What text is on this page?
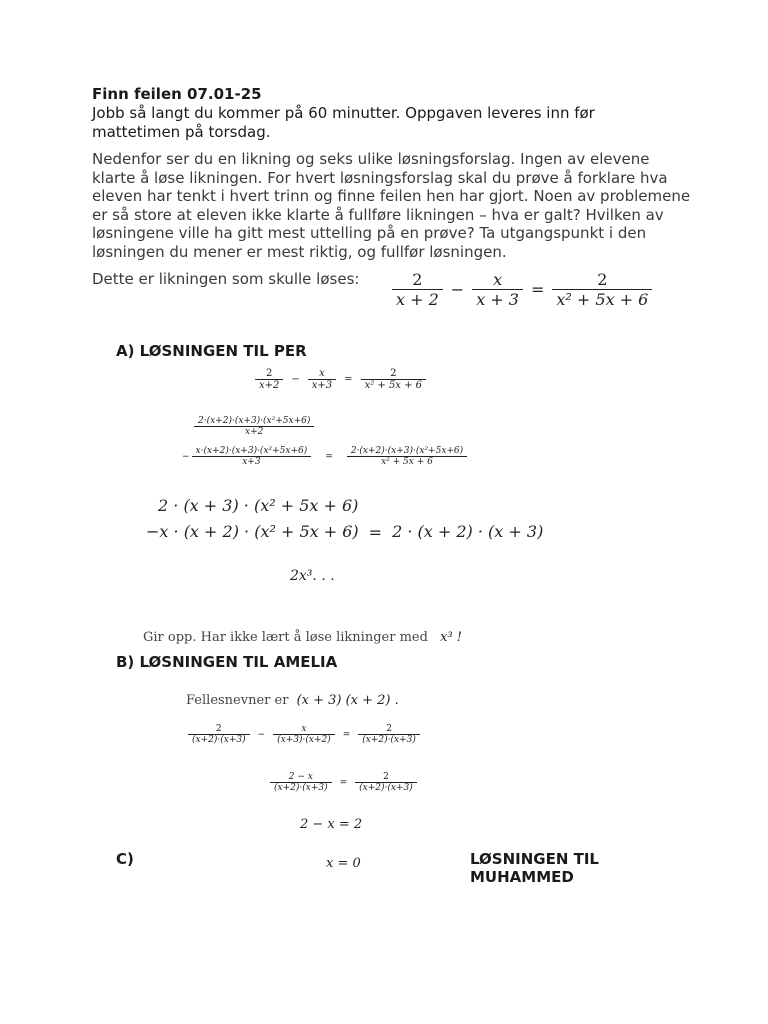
Finn feilen 07.01-25
Jobb så langt du kommer på 60 minutter. Oppgaven leveres inn før mattetimen på torsdag.
Nedenfor ser du en likning og seks ulike løsningsforslag. Ingen av elevene klarte å løse likningen. For hvert løsningsforslag skal du prøve å forklare hva eleven har tenkt i hvert trinn og finne feilen hen har gjort. Noen av problemene er så store at eleven ikke klarte å fullføre likningen – hva er galt? Hvilken av løsningene ville ha gitt mest uttelling på en prøve? Ta utgangspunkt i den løsningen du mener er mest riktig, og fullfør løsningen.
Dette er likningen som skulle løses: $\frac{2}{x + 2} - \frac{x}{x + 3} = \frac{2}{\text{x² + 5x + 6}}$
A) LØSNINGEN TIL PER
$\frac{2}{x+2} - \frac{x}{x+3} = \frac{2}{\text{x² + 5x + 6}}$
$\frac{\text{2·(x+2)·(x+3)·(x²+5x+6)}}{x+2}$
− $\frac{\text{x·(x+2)·(x+3)·(x²+5x+6)}}{x+3} = \frac{\text{2·(x+2)·(x+3)·(x²+5x+6)}}{\text{x² + 5x + 6}}$
2 · (x + 3) · (x² + 5x + 6)
−x · (x + 2) · (x² + 5x + 6) = 2 · (x + 2) · (x + 3)
2x³. . .
Gir opp. Har ikke lært å løse likninger med x³ !
B) LØSNINGEN TIL AMELIA
Fellesnevner er (x + 3) (x + 2) .
$\frac{2}{(x+2)\cdot(x+3)} - \frac{x}{(x+3)\cdot(x+2)} = \frac{2}{(x+2)\cdot(x+3)}$
$\frac{2 - x}{(x+2)\cdot(x+3)} = \frac{2}{(x+2)\cdot(x+3)}$
2 − x = 2
x = 0
C)	LØSNINGEN TIL MUHAMMED
